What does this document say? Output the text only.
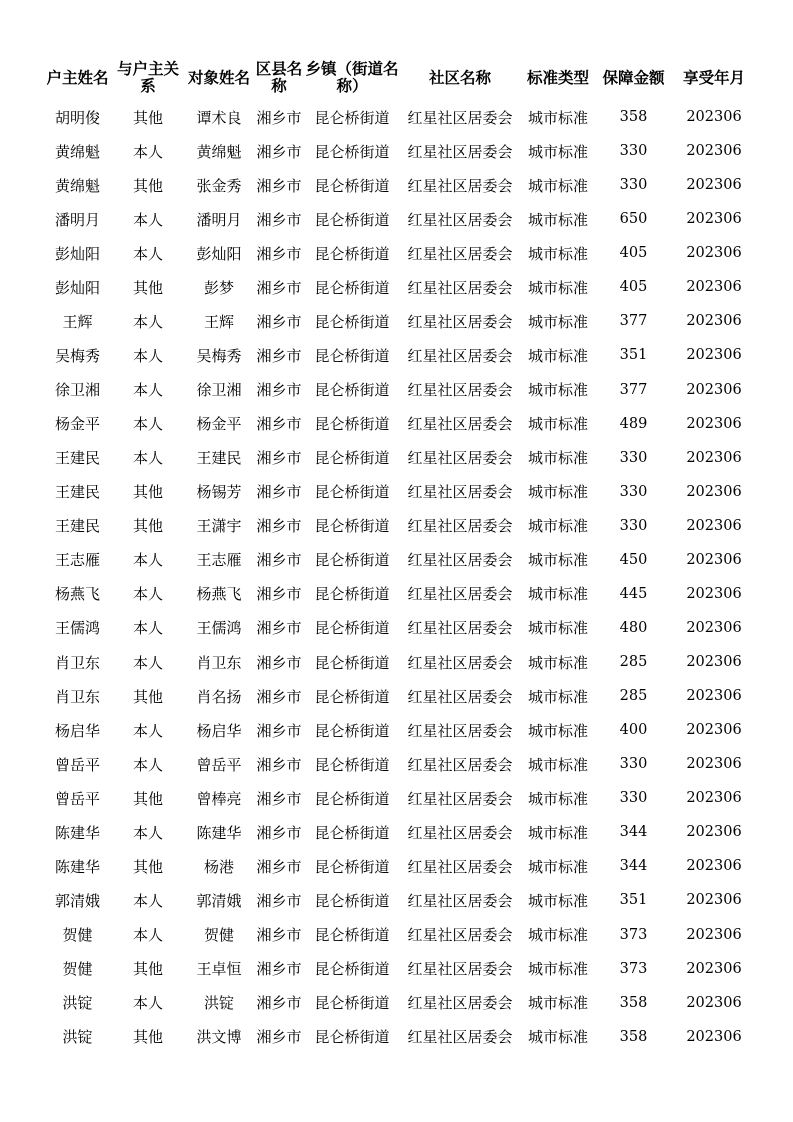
户主姓名	与户主关系	对象姓名	区县名称	乡镇（街道名称）	社区名称	标准类型	保障金额	享受年月
胡明俊	其他	谭术良	湘乡市	昆仑桥街道	红星社区居委会	城市标准	358	202306
黄绵魁	本人	黄绵魁	湘乡市	昆仑桥街道	红星社区居委会	城市标准	330	202306
黄绵魁	其他	张金秀	湘乡市	昆仑桥街道	红星社区居委会	城市标准	330	202306
潘明月	本人	潘明月	湘乡市	昆仑桥街道	红星社区居委会	城市标准	650	202306
彭灿阳	本人	彭灿阳	湘乡市	昆仑桥街道	红星社区居委会	城市标准	405	202306
彭灿阳	其他	彭梦	湘乡市	昆仑桥街道	红星社区居委会	城市标准	405	202306
王辉	本人	王辉	湘乡市	昆仑桥街道	红星社区居委会	城市标准	377	202306
吴梅秀	本人	吴梅秀	湘乡市	昆仑桥街道	红星社区居委会	城市标准	351	202306
徐卫湘	本人	徐卫湘	湘乡市	昆仑桥街道	红星社区居委会	城市标准	377	202306
杨金平	本人	杨金平	湘乡市	昆仑桥街道	红星社区居委会	城市标准	489	202306
王建民	本人	王建民	湘乡市	昆仑桥街道	红星社区居委会	城市标准	330	202306
王建民	其他	杨锡芳	湘乡市	昆仑桥街道	红星社区居委会	城市标准	330	202306
王建民	其他	王潇宇	湘乡市	昆仑桥街道	红星社区居委会	城市标准	330	202306
王志雁	本人	王志雁	湘乡市	昆仑桥街道	红星社区居委会	城市标准	450	202306
杨燕飞	本人	杨燕飞	湘乡市	昆仑桥街道	红星社区居委会	城市标准	445	202306
王儒鸿	本人	王儒鸿	湘乡市	昆仑桥街道	红星社区居委会	城市标准	480	202306
肖卫东	本人	肖卫东	湘乡市	昆仑桥街道	红星社区居委会	城市标准	285	202306
肖卫东	其他	肖名扬	湘乡市	昆仑桥街道	红星社区居委会	城市标准	285	202306
杨启华	本人	杨启华	湘乡市	昆仑桥街道	红星社区居委会	城市标准	400	202306
曾岳平	本人	曾岳平	湘乡市	昆仑桥街道	红星社区居委会	城市标准	330	202306
曾岳平	其他	曾棒亮	湘乡市	昆仑桥街道	红星社区居委会	城市标准	330	202306
陈建华	本人	陈建华	湘乡市	昆仑桥街道	红星社区居委会	城市标准	344	202306
陈建华	其他	杨港	湘乡市	昆仑桥街道	红星社区居委会	城市标准	344	202306
郭清娥	本人	郭清娥	湘乡市	昆仑桥街道	红星社区居委会	城市标准	351	202306
贺健	本人	贺健	湘乡市	昆仑桥街道	红星社区居委会	城市标准	373	202306
贺健	其他	王卓恒	湘乡市	昆仑桥街道	红星社区居委会	城市标准	373	202306
洪锭	本人	洪锭	湘乡市	昆仑桥街道	红星社区居委会	城市标准	358	202306
洪锭	其他	洪文博	湘乡市	昆仑桥街道	红星社区居委会	城市标准	358	202306
